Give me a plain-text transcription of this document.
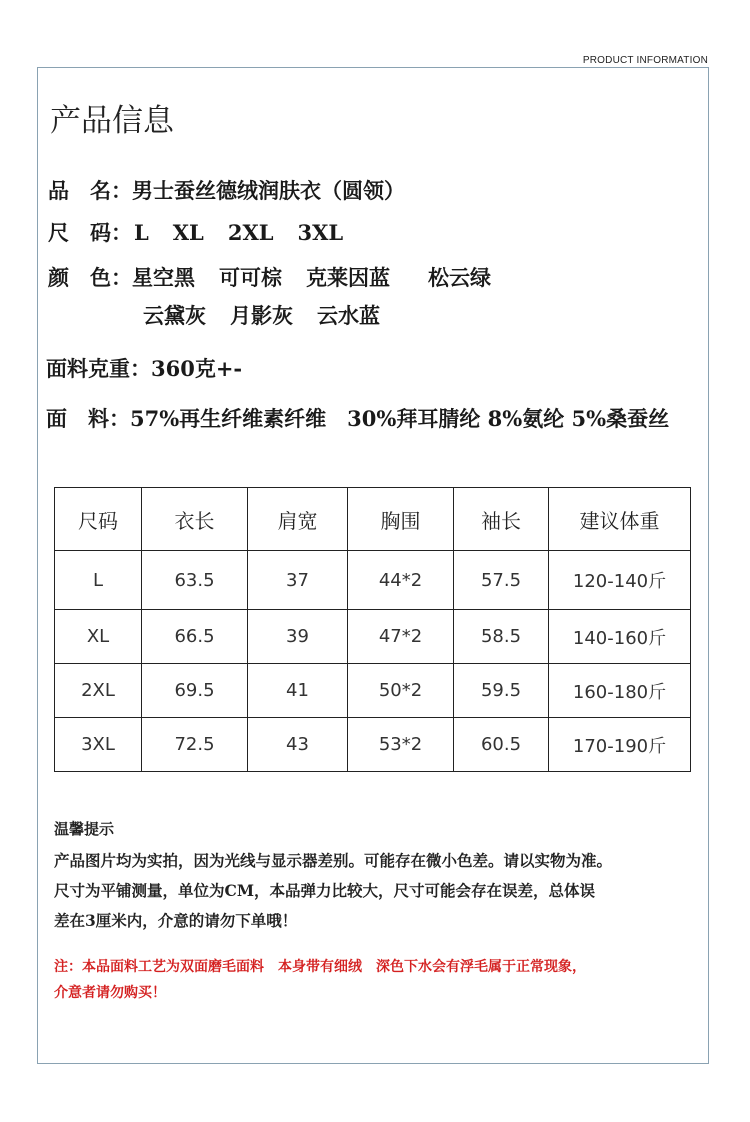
PRODUCT INFORMATION
产品信息
品　名：男士蚕丝德绒润肤衣（圆领）
尺　码：L XL 2XL 3XL
颜　色：星空黑 可可棕 克莱因蓝 松云绿
云黛灰 月影灰 云水蓝
面料克重：360克+-
面　料：57%再生纤维素纤维　30%拜耳腈纶 8%氨纶 5%桑蚕丝
尺码	衣长	肩宽	胸围	袖长	建议体重
L	63.5	37	44*2	57.5	120-140斤
XL	66.5	39	47*2	58.5	140-160斤
2XL	69.5	41	50*2	59.5	160-180斤
3XL	72.5	43	53*2	60.5	170-190斤
温馨提示
产品图片均为实拍，因为光线与显示器差别。可能存在微小色差。请以实物为准。
尺寸为平铺测量，单位为CM，本品弹力比较大，尺寸可能会存在误差，总体误
差在3厘米内，介意的请勿下单哦！
注：本品面料工艺为双面磨毛面料　本身带有细绒　深色下水会有浮毛属于正常现象，
介意者请勿购买！
